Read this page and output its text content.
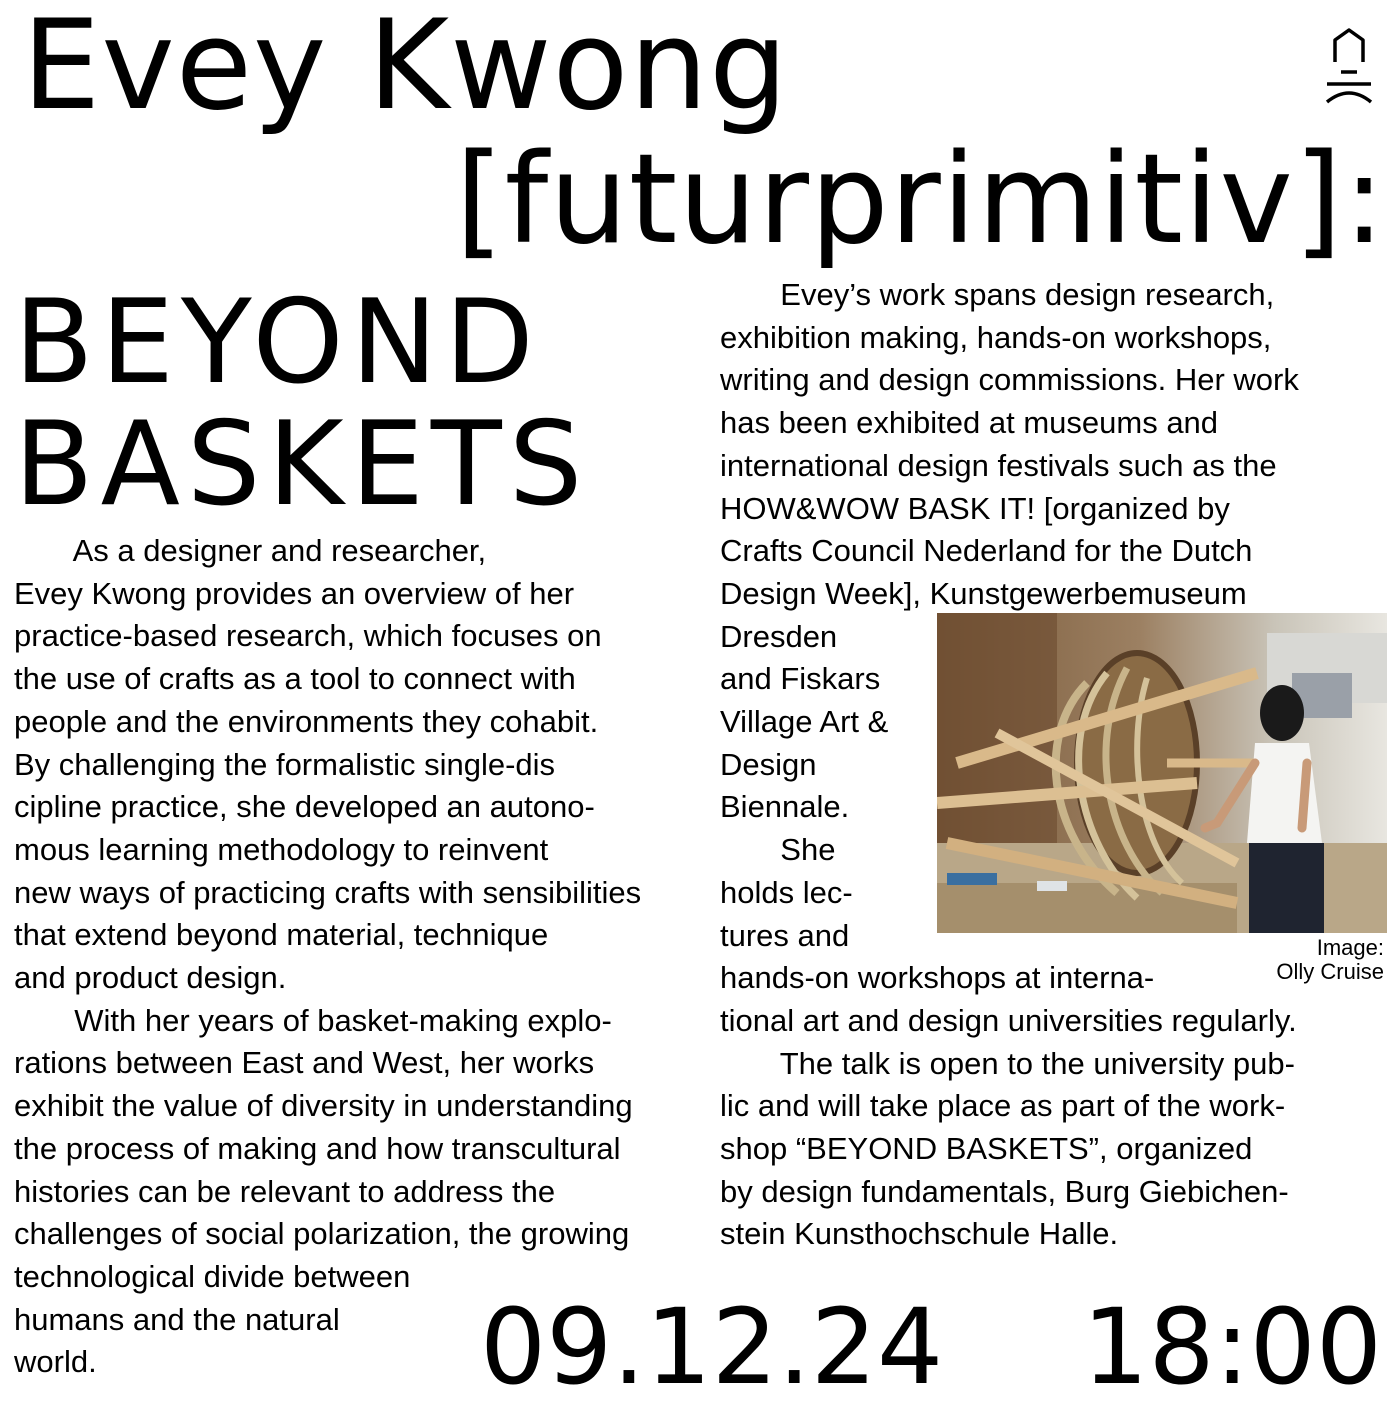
Evey Kwong
[futurprimitiv]:
BEYOND
BASKETS

As a designer and researcher,

Evey Kwong provides an overview of her

practice-based research, which focuses on

the use of crafts as a tool to connect with

people and the environments they cohabit.

By challenging the formalistic single-dis

cipline practice, she developed an autono-

mous learning methodology to reinvent

new ways of practicing crafts with sensibilities

that extend beyond material, technique

and product design.

With her years of basket-making explo-

rations between East and West, her works

exhibit the value of diversity in understanding

the process of making and how transcultural

histories can be relevant to address the

challenges of social polarization, the growing

technological divide between

humans and the natural

world.

Evey’s work spans design research,

exhibition making, hands-on workshops,

writing and design commissions. Her work

has been exhibited at museums and

international design festivals such as the

HOW&WOW BASK IT! [organized by

Crafts Council Nederland for the Dutch

Design Week], Kunstgewerbemuseum

Dresden

and Fiskars

Village Art &

Design

Biennale.

She

holds lec-

tures and

hands-on workshops at interna-

tional art and design universities regularly.

The talk is open to the university pub-

lic and will take place as part of the work-

shop “BEYOND BASKETS”, organized

by design fundamentals, Burg Giebichen-

stein Kunsthochschule Halle.

Image:
Olly Cruise
09.12.24 18:00
